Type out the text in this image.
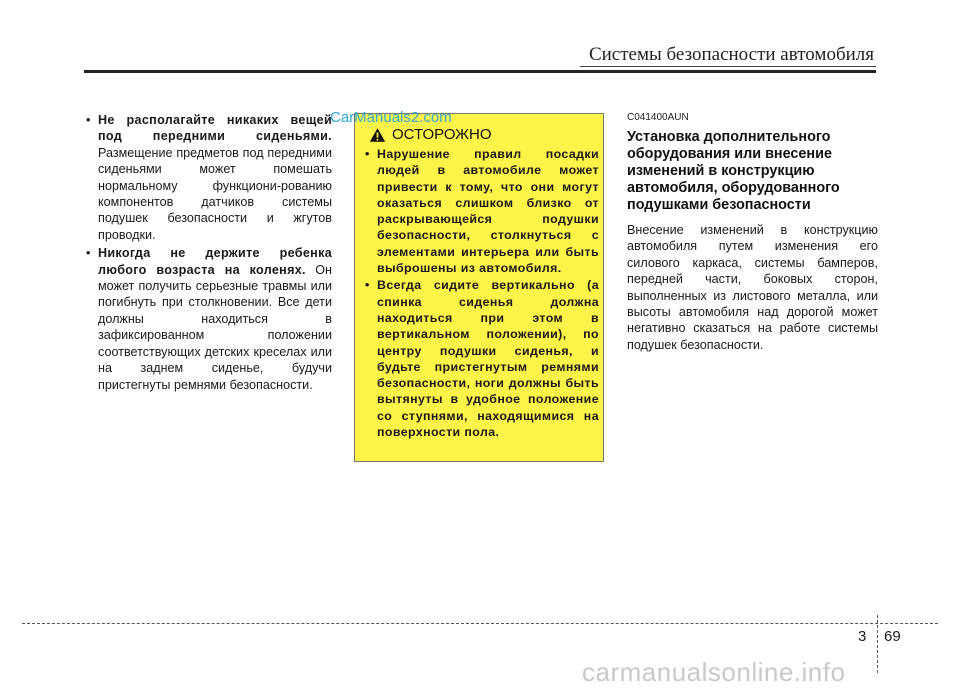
Системы безопасности автомобиля
• Не располагайте никаких вещей под передними сиденьями. Размещение предметов под передними сиденьями может помешать нормальному функциони-рованию компонентов датчиков системы подушек безопасности и жгутов проводки.
• Никогда не держите ребенка любого возраста на коленях. Он может получить серьезные травмы или погибнуть при столкновении. Все дети должны находиться в зафиксированном положении соответствующих детских креселах или на заднем сиденье, будучи пристегнуты ремнями безопасности.
ОСТОРОЖНО
• Нарушение правил посадки людей в автомобиле может привести к тому, что они могут оказаться слишком близко от раскрывающейся подушки безопасности, столкнуться с элементами интерьера или быть выброшены из автомобиля.
• Всегда сидите вертикально (а спинка сиденья должна находиться при этом в вертикальном положении), по центру подушки сиденья, и будьте пристегнутым ремнями безопасности, ноги должны быть вытянуты в удобное положение со ступнями, находящимися на поверхности пола.
CarManuals2.com	C041400AUN
Установка дополнительного оборудования или внесение изменений в конструкцию автомобиля, оборудованного подушками безопасности
Внесение изменений в конструкцию автомобиля путем изменения его силового каркаса, системы бамперов, передней части, боковых сторон, выполненных из листового металла, или высоты автомобиля над дорогой может негативно сказаться на работе системы подушек безопасности.
3 69
carmanualsonline.info
